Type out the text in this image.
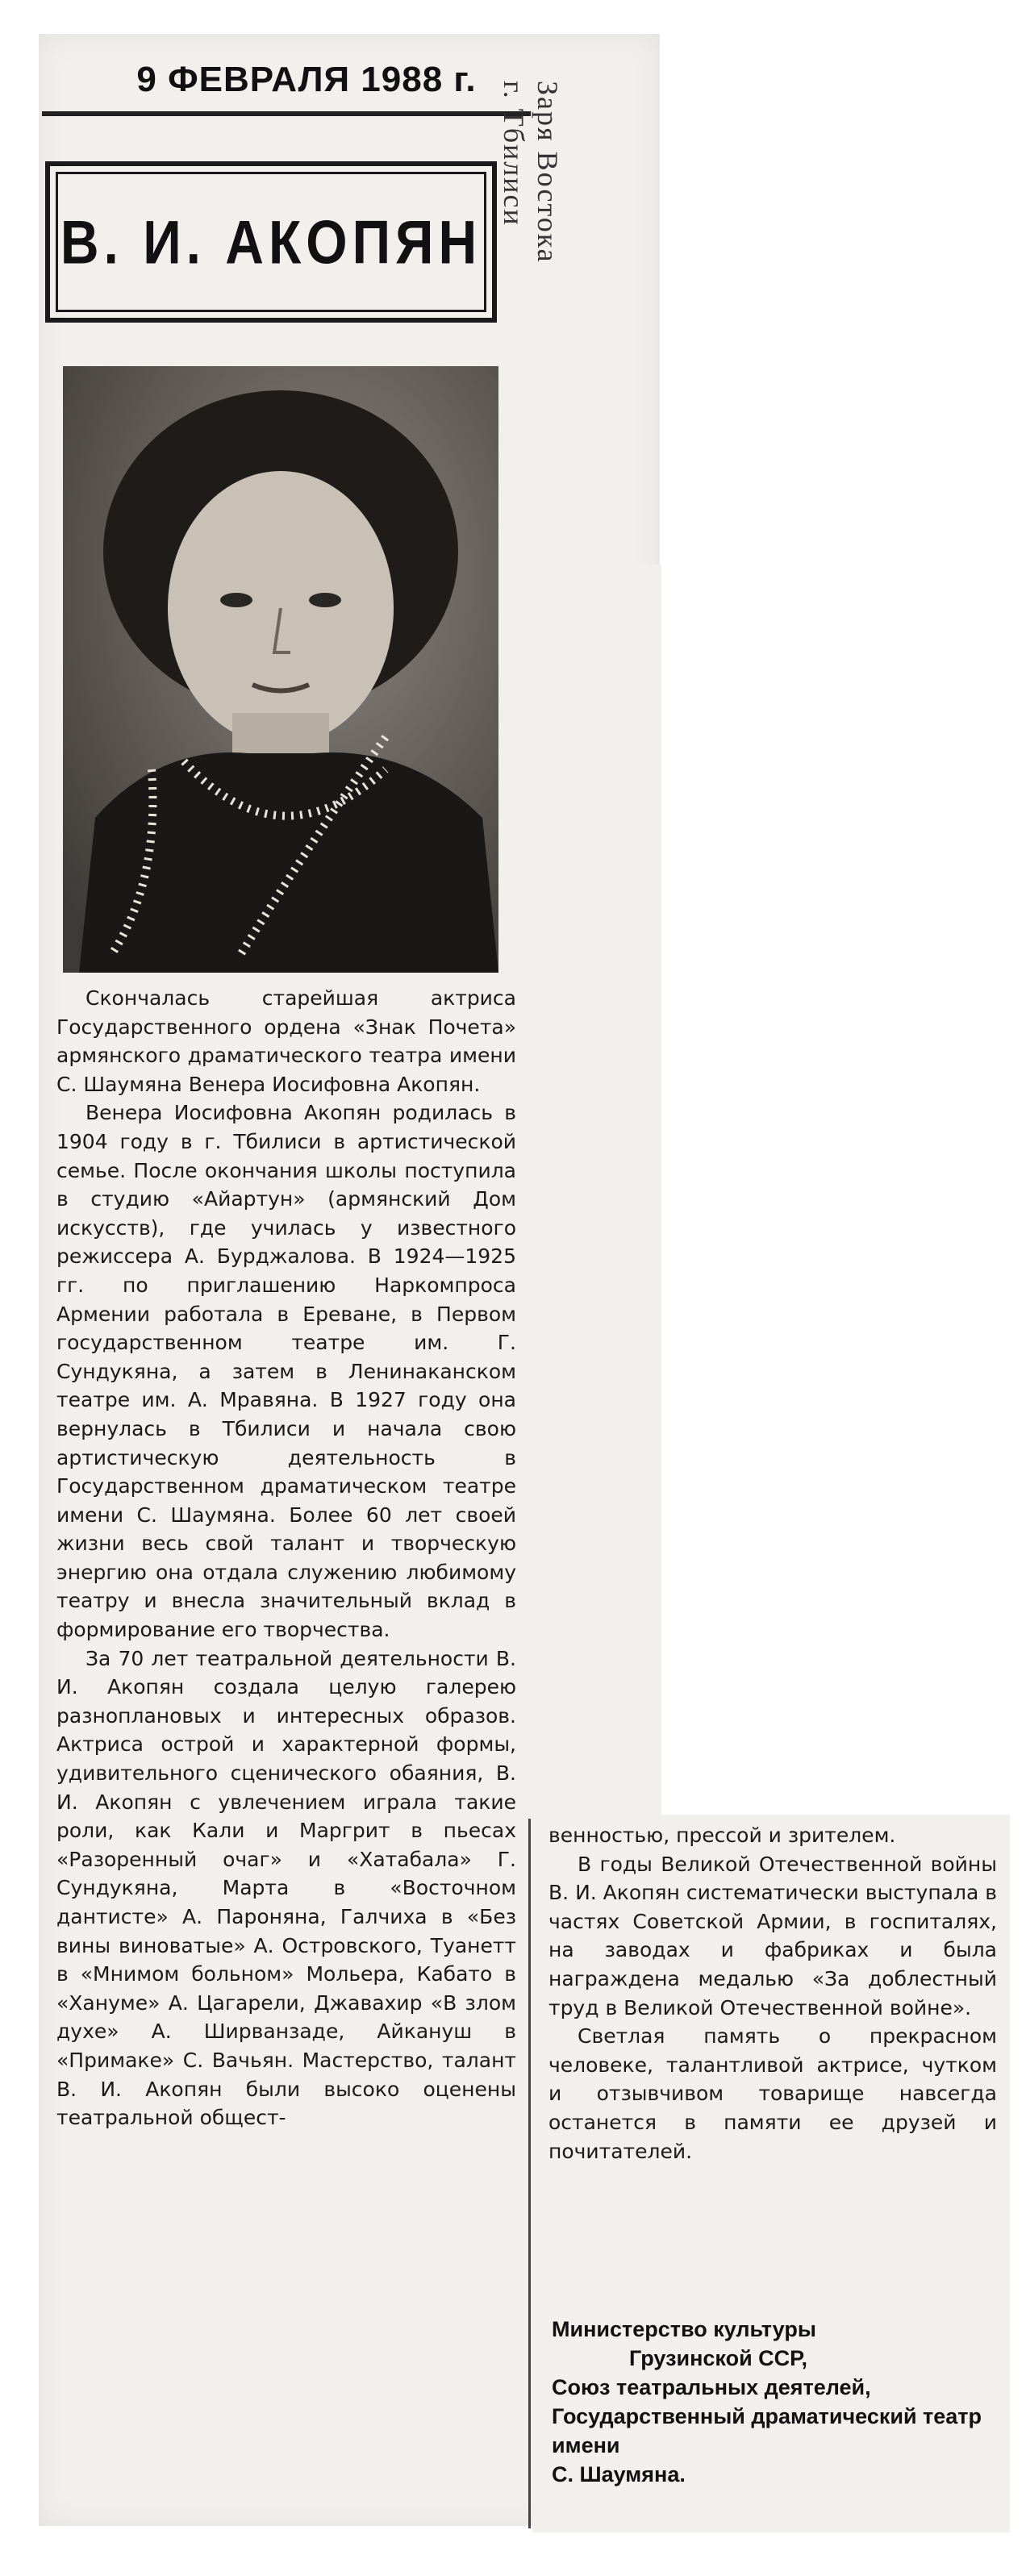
9 ФЕВРАЛЯ 1988 г.
В. И. АКОПЯН Заря Востока
г. Тбилиси

Скончалась старейшая актриса Государственного ордена «Знак Почета» армянского драматического театра имени С. Шаумяна Венера Иосифовна Акопян.

Венера Иосифовна Акопян родилась в 1904 году в г. Тбилиси в артистической семье. После окончания школы поступила в студию «Айартун» (армянский Дом искусств), где училась у известного режиссера А. Бурджалова. В 1924—1925 гг. по приглашению Наркомпроса Армении работала в Ереване, в Первом государственном театре им. Г. Сундукяна, а затем в Ленинаканском театре им. А. Мравяна. В 1927 году она вернулась в Тбилиси и начала свою артистическую деятельность в Государственном драматическом театре имени С. Шаумяна. Более 60 лет своей жизни весь свой талант и творческую энергию она отдала служению любимому театру и внесла значительный вклад в формирование его творчества.

За 70 лет театральной деятельности В. И. Акопян создала целую галерею разноплановых и интересных образов. Актриса острой и характерной формы, удивительного сценического обаяния, В. И. Акопян с увлечением играла такие роли, как Кали и Маргрит в пьесах «Разоренный очаг» и «Хатабала» Г. Сундукяна, Марта в «Восточном дантисте» А. Пароняна, Галчиха в «Без вины виноватые» А. Островского, Туанетт в «Мнимом больном» Мольера, Кабато в «Хануме» А. Цагарели, Джавахир «В злом духе» А. Ширванзаде, Айкануш в «Примаке» С. Вачьян. Мастерство, талант В. И. Акопян были высоко оценены театральной общест-

венностью, прессой и зрителем.

В годы Великой Отечественной войны В. И. Акопян систематически выступала в частях Советской Армии, в госпиталях, на заводах и фабриках и была награждена медалью «За доблестный труд в Великой Отечественной войне».

Светлая память о прекрасном человеке, талантливой актрисе, чутком и отзывчивом товарище навсегда останется в памяти ее друзей и почитателей.

Министерство культуры
Грузинской ССР,
Союз театральных деятелей,
Государственный драматический театр имени
С. Шаумяна.
